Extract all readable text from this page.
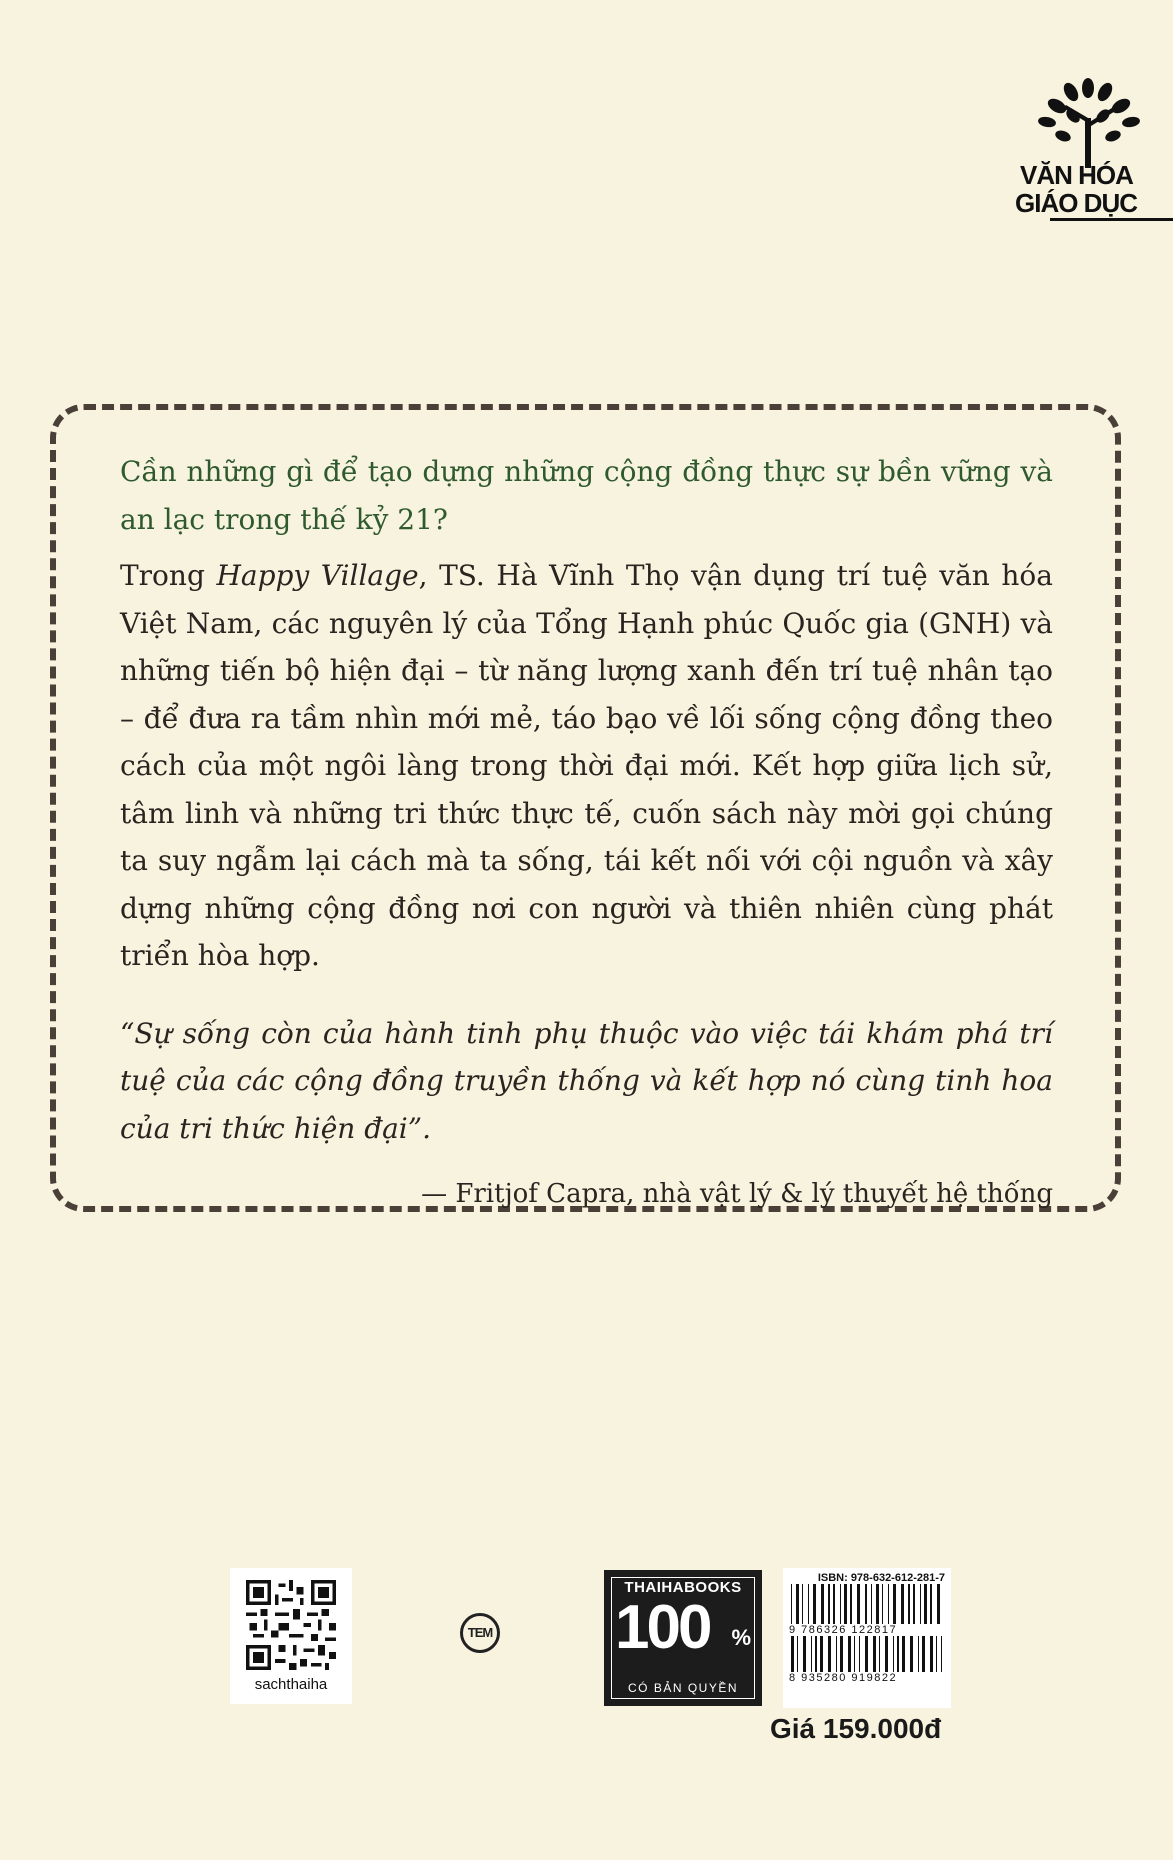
VĂN HÓA
GIÁO DỤC

Cần những gì để tạo dựng những cộng đồng thực sự bền vững và an lạc trong thế kỷ 21?

Trong Happy Village, TS. Hà Vĩnh Thọ vận dụng trí tuệ văn hóa Việt Nam, các nguyên lý của Tổng Hạnh phúc Quốc gia (GNH) và những tiến bộ hiện đại – từ năng lượng xanh đến trí tuệ nhân tạo – để đưa ra tầm nhìn mới mẻ, táo bạo về lối sống cộng đồng theo cách của một ngôi làng trong thời đại mới. Kết hợp giữa lịch sử, tâm linh và những tri thức thực tế, cuốn sách này mời gọi chúng ta suy ngẫm lại cách mà ta sống, tái kết nối với cội nguồn và xây dựng những cộng đồng nơi con người và thiên nhiên cùng phát triển hòa hợp.

“Sự sống còn của hành tinh phụ thuộc vào việc tái khám phá trí tuệ của các cộng đồng truyền thống và kết hợp nó cùng tinh hoa của tri thức hiện đại”.

— Fritjof Capra, nhà vật lý & lý thuyết hệ thống

sachthaiha
TEM
THAIHABOOKS
100 %
CÓ BẢN QUYỀN
ISBN: 978-632-612-281-7
9 786326 122817
8 935280 919822
Giá 159.000đ
